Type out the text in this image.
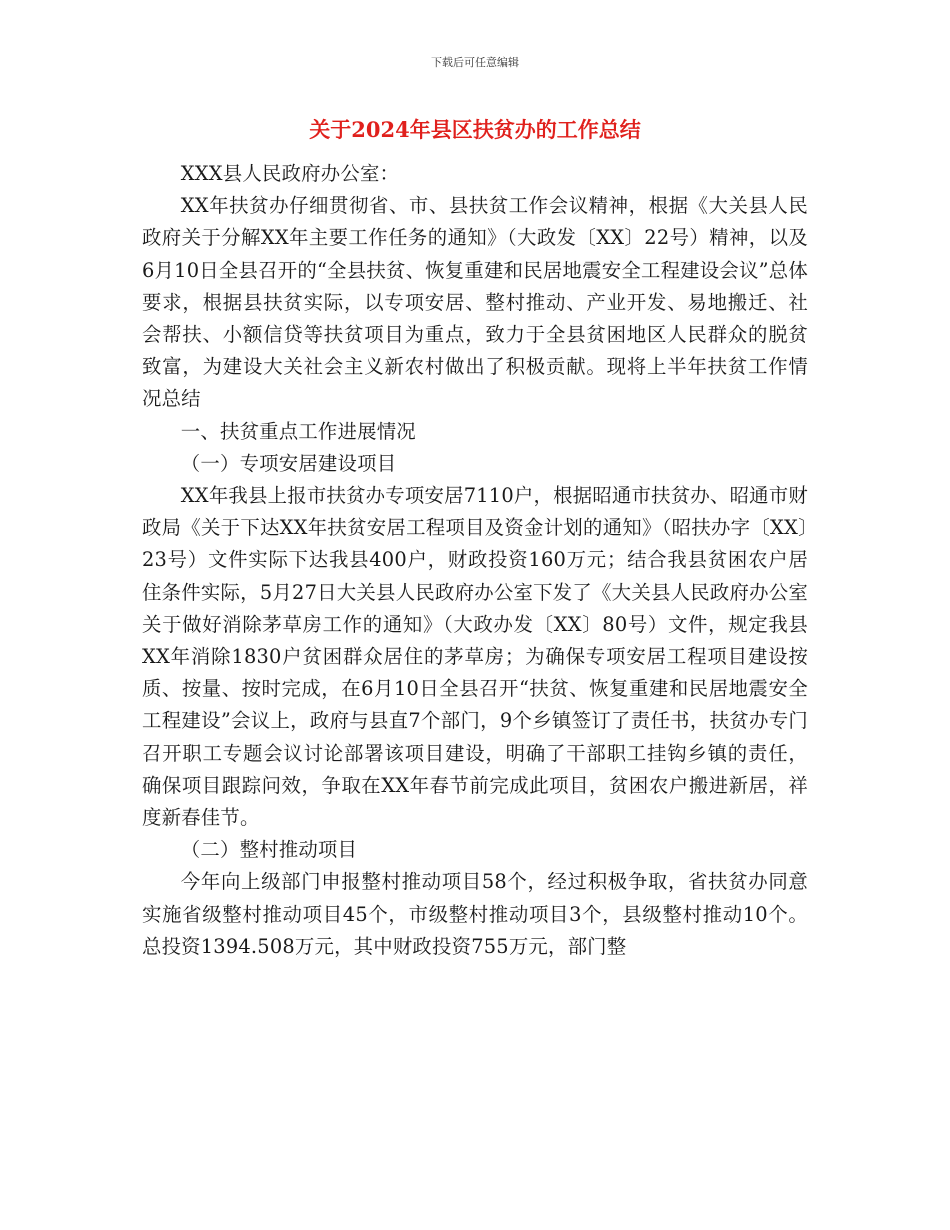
下载后可任意编辑
关于2024年县区扶贫办的工作总结

XXX县人民政府办公室：

XX年扶贫办仔细贯彻省、市、县扶贫工作会议精神，根据《大关县人民政府关于分解XX年主要工作任务的通知》（大政发〔XX〕22号）精神，以及6月10日全县召开的“全县扶贫、恢复重建和民居地震安全工程建设会议”总体要求，根据县扶贫实际，以专项安居、整村推动、产业开发、易地搬迁、社会帮扶、小额信贷等扶贫项目为重点，致力于全县贫困地区人民群众的脱贫致富，为建设大关社会主义新农村做出了积极贡献。现将上半年扶贫工作情况总结

一、扶贫重点工作进展情况

（一）专项安居建设项目

XX年我县上报市扶贫办专项安居7110户，根据昭通市扶贫办、昭通市财政局《关于下达XX年扶贫安居工程项目及资金计划的通知》（昭扶办字〔XX〕23号）文件实际下达我县400户，财政投资160万元；结合我县贫困农户居住条件实际，5月27日大关县人民政府办公室下发了《大关县人民政府办公室关于做好消除茅草房工作的通知》（大政办发〔XX〕80号）文件，规定我县XX年消除1830户贫困群众居住的茅草房；为确保专项安居工程项目建设按质、按量、按时完成，在6月10日全县召开“扶贫、恢复重建和民居地震安全工程建设”会议上，政府与县直7个部门，9个乡镇签订了责任书，扶贫办专门召开职工专题会议讨论部署该项目建设，明确了干部职工挂钩乡镇的责任，确保项目跟踪问效，争取在XX年春节前完成此项目，贫困农户搬进新居，祥度新春佳节。

（二）整村推动项目

今年向上级部门申报整村推动项目58个，经过积极争取，省扶贫办同意实施省级整村推动项目45个，市级整村推动项目3个，县级整村推动10个。总投资1394.508万元，其中财政投资755万元，部门整
